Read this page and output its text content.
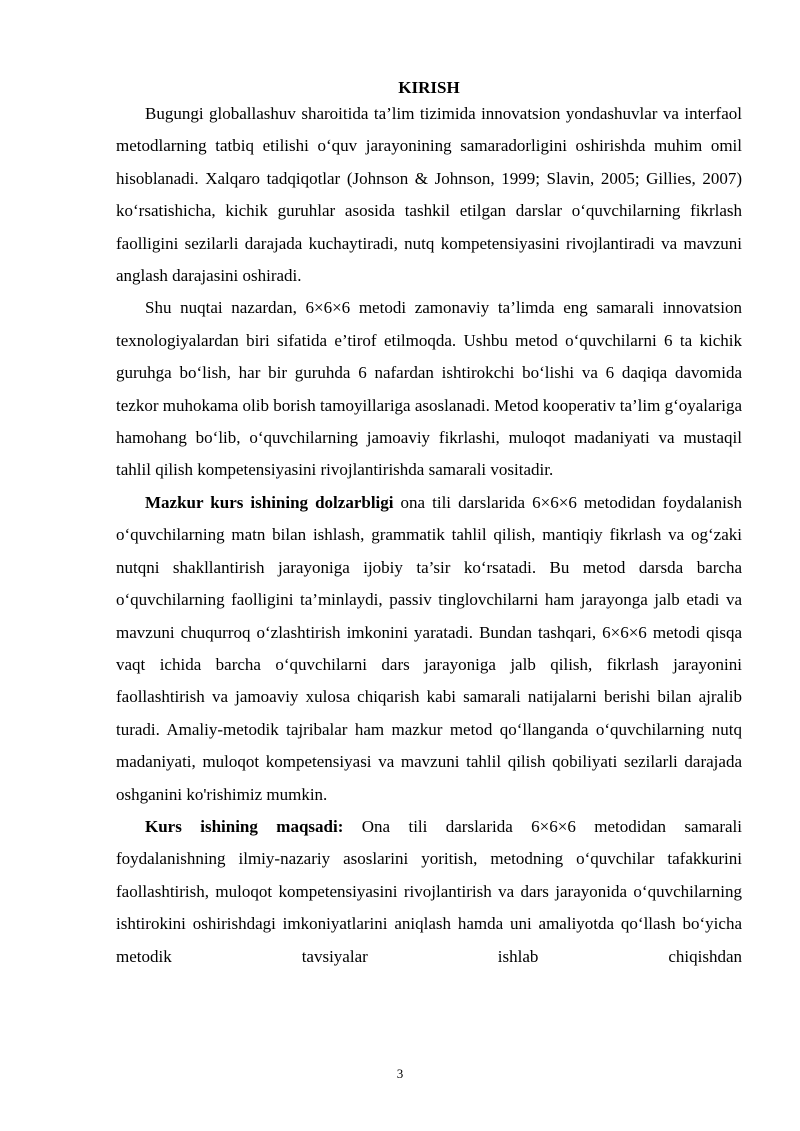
KIRISH

Bugungi globallashuv sharoitida ta’lim tizimida innovatsion yondashuvlar va interfaol metodlarning tatbiq etilishi o‘quv jarayonining samaradorligini oshirishda muhim omil hisoblanadi. Xalqaro tadqiqotlar (Johnson & Johnson, 1999; Slavin, 2005; Gillies, 2007) ko‘rsatishicha, kichik guruhlar asosida tashkil etilgan darslar o‘quvchilarning fikrlash faolligini sezilarli darajada kuchaytiradi, nutq kompetensiyasini rivojlantiradi va mavzuni anglash darajasini oshiradi.

Shu nuqtai nazardan, 6×6×6 metodi zamonaviy ta’limda eng samarali innovatsion texnologiyalardan biri sifatida e’tirof etilmoqda. Ushbu metod o‘quvchilarni 6 ta kichik guruhga bo‘lish, har bir guruhda 6 nafardan ishtirokchi bo‘lishi va 6 daqiqa davomida tezkor muhokama olib borish tamoyillariga asoslanadi. Metod kooperativ ta’lim g‘oyalariga hamohang bo‘lib, o‘quvchilarning jamoaviy fikrlashi, muloqot madaniyati va mustaqil tahlil qilish kompetensiyasini rivojlantirishda samarali vositadir.

Mazkur kurs ishining dolzarbligi ona tili darslarida 6×6×6 metodidan foydalanish o‘quvchilarning matn bilan ishlash, grammatik tahlil qilish, mantiqiy fikrlash va og‘zaki nutqni shakllantirish jarayoniga ijobiy ta’sir ko‘rsatadi. Bu metod darsda barcha o‘quvchilarning faolligini ta’minlaydi, passiv tinglovchilarni ham jarayonga jalb etadi va mavzuni chuqurroq o‘zlashtirish imkonini yaratadi. Bundan tashqari, 6×6×6 metodi qisqa vaqt ichida barcha o‘quvchilarni dars jarayoniga jalb qilish, fikrlash jarayonini faollashtirish va jamoaviy xulosa chiqarish kabi samarali natijalarni berishi bilan ajralib turadi. Amaliy-metodik tajribalar ham mazkur metod qo‘llanganda o‘quvchilarning nutq madaniyati, muloqot kompetensiyasi va mavzuni tahlil qilish qobiliyati sezilarli darajada oshganini ko'rishimiz mumkin.

Kurs ishining maqsadi: Ona tili darslarida 6×6×6 metodidan samarali foydalanishning ilmiy-nazariy asoslarini yoritish, metodning o‘quvchilar tafakkurini faollashtirish, muloqot kompetensiyasini rivojlantirish va dars jarayonida o‘quvchilarning ishtirokini oshirishdagi imkoniyatlarini aniqlash hamda uni amaliyotda qo‘llash bo‘yicha metodik tavsiyalar ishlab chiqishdan

3
